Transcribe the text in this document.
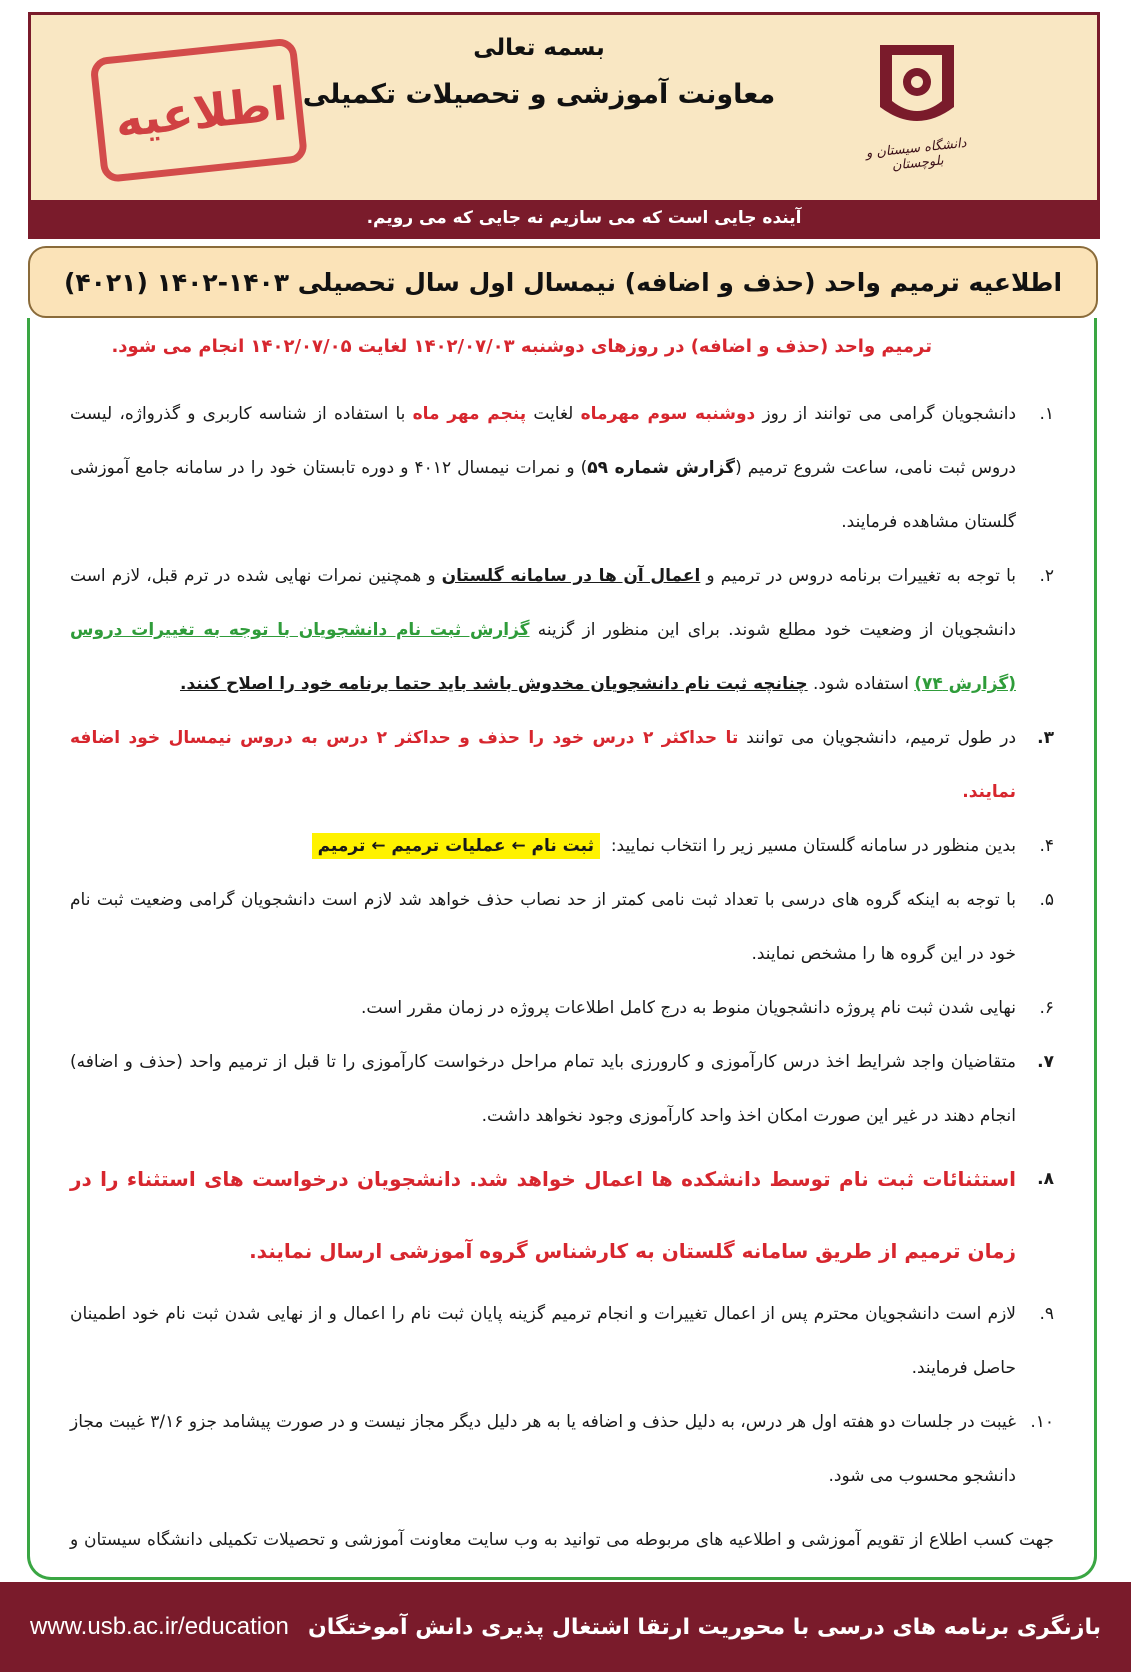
اطلاعیه
بسمه تعالی
معاونت آموزشی و تحصیلات تکمیلی
دانشگاه سیستان و بلوچستان
آینده جایی است که می سازیم نه جایی که می رویم.
اطلاعیه ترمیم واحد (حذف و اضافه) نیمسال اول سال تحصیلی ۱۴۰۳-۱۴۰۲ (۴۰۲۱)

ترمیم واحد (حذف و اضافه) در روزهای دوشنبه ۱۴۰۲/۰۷/۰۳ لغایت ۱۴۰۲/۰۷/۰۵ انجام می شود.

۱.
دانشجویان گرامی می توانند از روز دوشنبه سوم مهرماه لغایت پنجم مهر ماه با استفاده از شناسه کاربری و گذرواژه، لیست دروس ثبت نامی، ساعت شروع ترمیم (گزارش شماره ۵۹) و نمرات نیمسال ۴۰۱۲ و دوره تابستان خود را در سامانه جامع آموزشی گلستان مشاهده فرمایند.
۲.
با توجه به تغییرات برنامه دروس در ترمیم و اعمال آن ها در سامانه گلستان و همچنین نمرات نهایی شده در ترم قبل، لازم است دانشجویان از وضعیت خود مطلع شوند. برای این منظور از گزینه گزارش ثبت نام دانشجویان با توجه به تغییرات دروس (گزارش ۷۴) استفاده شود. چنانچه ثبت نام دانشجویان مخدوش باشد باید حتما برنامه خود را اصلاح کنند.
۳.
در طول ترمیم، دانشجویان می توانند تا حداکثر ۲ درس خود را حذف و حداکثر ۲ درس به دروس نیمسال خود اضافه نمایند.
۴.
بدین منظور در سامانه گلستان مسیر زیر را انتخاب نمایید:  ثبت نام ← عملیات ترمیم ← ترمیم
۵.
با توجه به اینکه گروه های درسی با تعداد ثبت نامی کمتر از حد نصاب حذف خواهد شد لازم است دانشجویان گرامی وضعیت ثبت نام خود در این گروه ها را مشخص نمایند.
۶.
نهایی شدن ثبت نام پروژه دانشجویان منوط به درج کامل اطلاعات پروژه در زمان مقرر است.
۷.
متقاضیان واجد شرایط اخذ درس کارآموزی و کارورزی باید تمام مراحل درخواست کارآموزی را تا قبل از ترمیم واحد (حذف و اضافه) انجام دهند در غیر این صورت امکان اخذ واحد کارآموزی وجود نخواهد داشت.
۸.
استثنائات ثبت نام توسط دانشکده ها اعمال خواهد شد. دانشجویان درخواست های استثناء را در زمان ترمیم از طریق سامانه گلستان به کارشناس گروه آموزشی ارسال نمایند.
۹.
لازم است دانشجویان محترم پس از اعمال تغییرات و انجام ترمیم گزینه پایان ثبت نام را اعمال و از نهایی شدن ثبت نام خود اطمینان حاصل فرمایند.
۱۰.
غیبت در جلسات دو هفته اول هر درس، به دلیل حذف و اضافه یا به هر دلیل دیگر مجاز نیست و در صورت پیشامد جزو ۳/۱۶ غیبت مجاز دانشجو محسوب می شود.

جهت کسب اطلاع از تقویم آموزشی و اطلاعیه های مربوطه می توانید به وب سایت معاونت آموزشی و تحصیلات تکمیلی دانشگاه سیستان و

بازنگری برنامه های درسی با محوریت ارتقا اشتغال پذیری دانش آموختگان
www.usb.ac.ir/education
